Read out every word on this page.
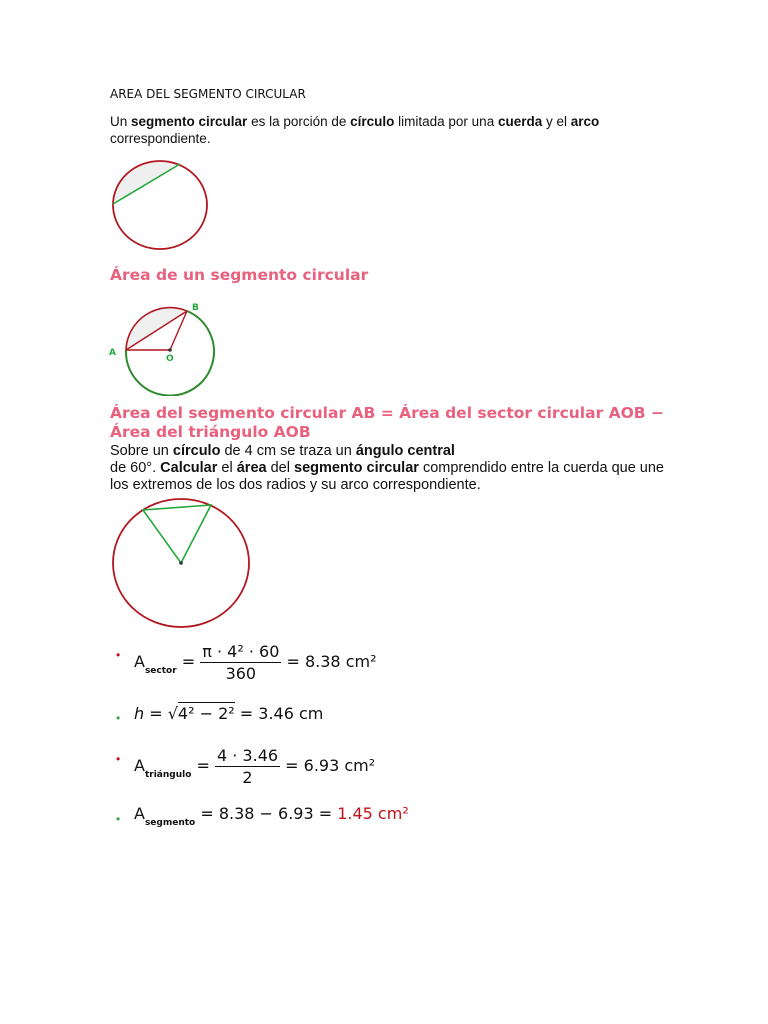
AREA DEL SEGMENTO CIRCULAR
Un segmento circular es la porción de círculo limitada por una cuerda y el arco correspondiente.
Área de un segmento circular
A
B
O
Área del segmento circular AB = Área del sector circular AOB − Área del triángulo AOB
Sobre un círculo de 4 cm se traza un ángulo central
de 60°. Calcular el área del segmento circular comprendido entre la cuerda que une los extremos de los dos radios y su arco correspondiente.
• $A_{sector} = \frac{\text{π · 4² · 60}}{360} = 8.38$ cm²
• h = √4² − 2² = 3.46 cm
• $A_{triángulo} = \frac{4 \cdot 3.46}{2} = 6.93$ cm²
• $A_{segmento} = 8.38 - 6.93 = 1.45$ cm²
